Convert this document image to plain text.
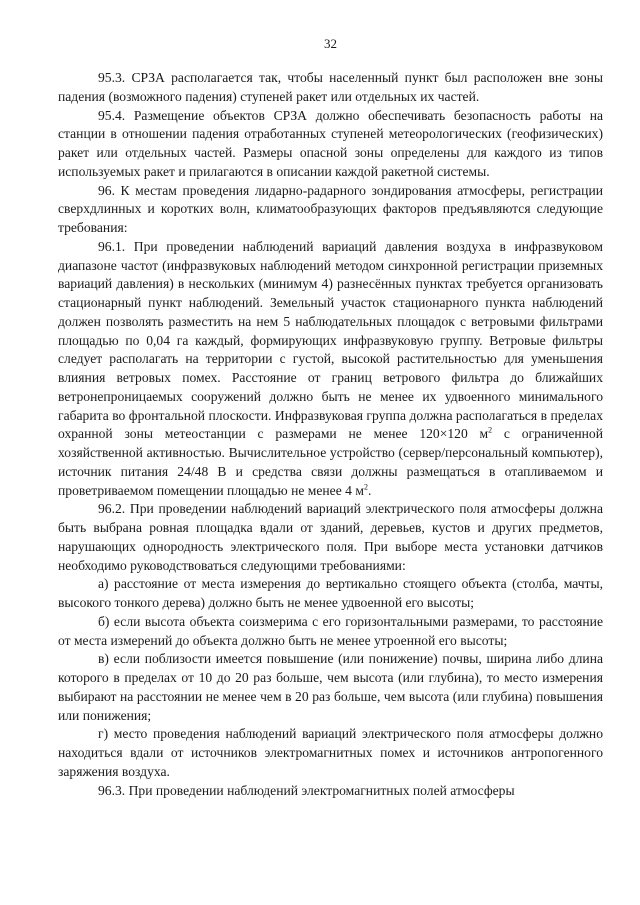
32

95.3. СРЗА располагается так, чтобы населенный пункт был расположен вне зоны падения (возможного падения) ступеней ракет или отдельных их частей.

95.4. Размещение объектов СРЗА должно обеспечивать безопасность работы на станции в отношении падения отработанных ступеней метеорологических (геофизических) ракет или отдельных частей. Размеры опасной зоны определены для каждого из типов используемых ракет и прилагаются в описании каждой ракетной системы.

96. К местам проведения лидарно-радарного зондирования атмосферы, регистрации сверхдлинных и коротких волн, климатообразующих факторов предъявляются следующие требования:

96.1. При проведении наблюдений вариаций давления воздуха в инфразвуковом диапазоне частот (инфразвуковых наблюдений методом синхронной регистрации приземных вариаций давления) в нескольких (минимум 4) разнесённых пунктах требуется организовать стационарный пункт наблюдений. Земельный участок стационарного пункта наблюдений должен позволять разместить на нем 5 наблюдательных площадок с ветровыми фильтрами площадью по 0,04 га каждый, формирующих инфразвуковую группу. Ветровые фильтры следует располагать на территории с густой, высокой растительностью для уменьшения влияния ветровых помех. Расстояние от границ ветрового фильтра до ближайших ветронепроницаемых сооружений должно быть не менее их удвоенного минимального габарита во фронтальной плоскости. Инфразвуковая группа должна располагаться в пределах охранной зоны метеостанции с размерами не менее 120×120 $м^2$ с ограниченной хозяйственной активностью. Вычислительное устройство (сервер/персональный компьютер), источник питания 24/48 В и средства связи должны размещаться в отапливаемом и проветриваемом помещении площадью не менее 4 $м^2$.

96.2. При проведении наблюдений вариаций электрического поля атмосферы должна быть выбрана ровная площадка вдали от зданий, деревьев, кустов и других предметов, нарушающих однородность электрического поля. При выборе места установки датчиков необходимо руководствоваться следующими требованиями:

а) расстояние от места измерения до вертикально стоящего объекта (столба, мачты, высокого тонкого дерева) должно быть не менее удвоенной его высоты;

б) если высота объекта соизмерима с его горизонтальными размерами, то расстояние от места измерений до объекта должно быть не менее утроенной его высоты;

в) если поблизости имеется повышение (или понижение) почвы, ширина либо длина которого в пределах от 10 до 20 раз больше, чем высота (или глубина), то место измерения выбирают на расстоянии не менее чем в 20 раз больше, чем высота (или глубина) повышения или понижения;

г) место проведения наблюдений вариаций электрического поля атмосферы должно находиться вдали от источников электромагнитных помех и источников антропогенного заряжения воздуха.

96.3. При проведении наблюдений электромагнитных полей атмосферы
